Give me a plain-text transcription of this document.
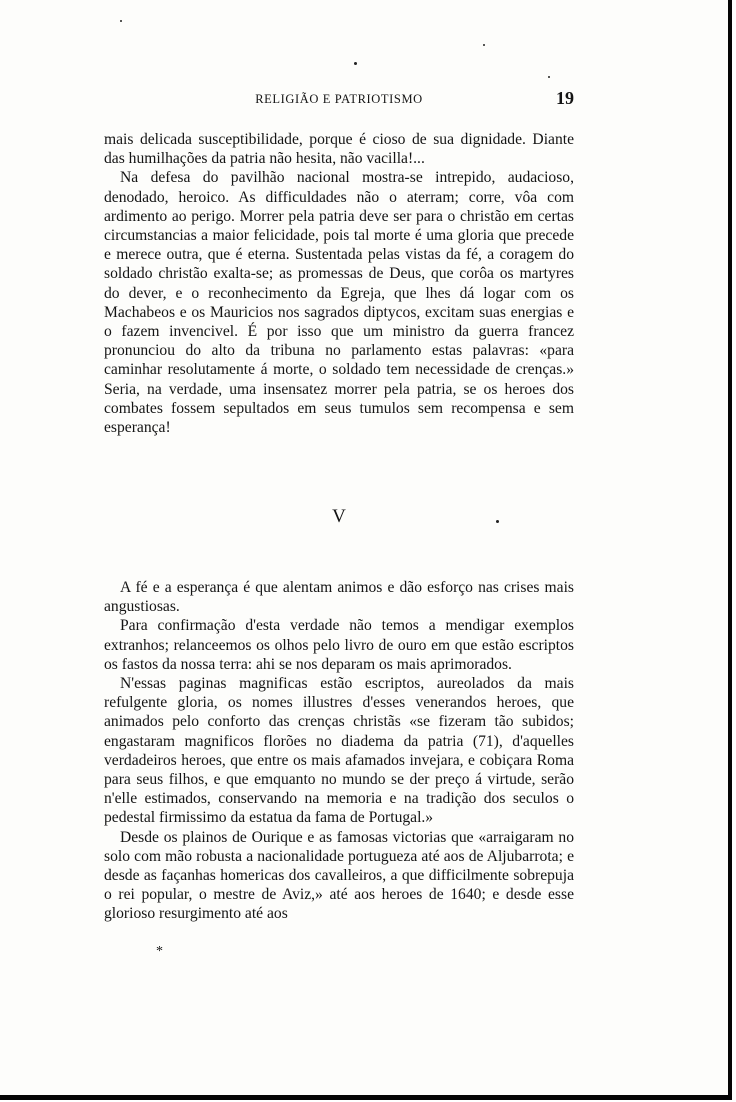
RELIGIÃO E PATRIOTISMO	19

mais delicada susceptibilidade, porque é cioso de sua dignidade. Diante das humilhações da patria não hesita, não vacilla!...

Na defesa do pavilhão nacional mostra-se intrepido, audacioso, denodado, heroico. As difficuldades não o aterram; corre, vôa com ardimento ao perigo. Morrer pela patria deve ser para o christão em certas circumstancias a maior felicidade, pois tal morte é uma gloria que precede e merece outra, que é eterna. Sustentada pelas vistas da fé, a coragem do soldado christão exalta-se; as promessas de Deus, que corôa os martyres do dever, e o reconhecimento da Egreja, que lhes dá logar com os Machabeos e os Mauricios nos sagrados diptycos, excitam suas energias e o fazem invencivel. É por isso que um ministro da guerra francez pronunciou do alto da tribuna no parlamento estas palavras: «para caminhar resolutamente á morte, o soldado tem necessidade de crenças.» Seria, na verdade, uma insensatez morrer pela patria, se os heroes dos combates fossem sepultados em seus tumulos sem recompensa e sem esperança!

V

A fé e a esperança é que alentam animos e dão esforço nas crises mais angustiosas.

Para confirmação d'esta verdade não temos a mendigar exemplos extranhos; relanceemos os olhos pelo livro de ouro em que estão escriptos os fastos da nossa terra: ahi se nos deparam os mais aprimorados.

N'essas paginas magnificas estão escriptos, aureolados da mais refulgente gloria, os nomes illustres d'esses venerandos heroes, que animados pelo conforto das crenças christãs «se fizeram tão subidos; engastaram magnificos florões no diadema da patria (71), d'aquelles verdadeiros heroes, que entre os mais afamados inveјara, e cobiçara Roma para seus filhos, e que emquanto no mundo se der preço á virtude, serão n'elle estimados, conservando na memoria e na tradição dos seculos o pedestal firmissimo da estatua da fama de Portugal.»

Desde os plainos de Ourique e as famosas victorias que «arraigaram no solo com mão robusta a nacionalidade portugueza até aos de Aljubarrota; e desde as façanhas homericas dos cavalleiros, a que difficilmente sobrepuja o rei popular, o mestre de Aviz,» até aos heroes de 1640; e desde esse glorioso resurgimento até aos

*
